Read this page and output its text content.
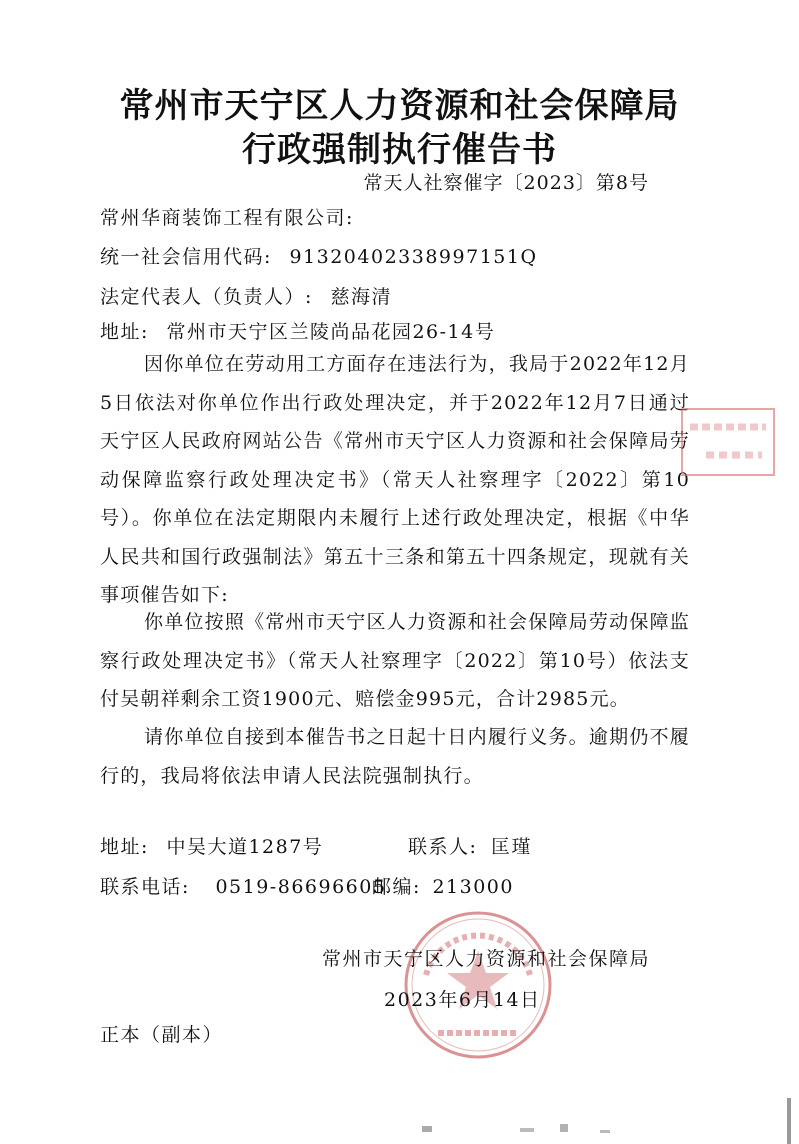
常州市天宁区人力资源和社会保障局
行政强制执行催告书
常天人社察催字〔2023〕第8号
常州华商装饰工程有限公司:
统一社会信用代码: 91320402338997151Q
法定代表人（负责人）: 慈海清
地址: 常州市天宁区兰陵尚品花园26-14号

因你单位在劳动用工方面存在违法行为，我局于2022年12月5日依法对你单位作出行政处理决定，并于2022年12月7日通过天宁区人民政府网站公告《常州市天宁区人力资源和社会保障局劳动保障监察行政处理决定书》（常天人社察理字〔2022〕第10号）。你单位在法定期限内未履行上述行政处理决定，根据《中华人民共和国行政强制法》第五十三条和第五十四条规定，现就有关事项催告如下:

你单位按照《常州市天宁区人力资源和社会保障局劳动保障监察行政处理决定书》（常天人社察理字〔2022〕第10号）依法支付吴朝祥剩余工资1900元、赔偿金995元，合计2985元。

请你单位自接到本催告书之日起十日内履行义务。逾期仍不履行的，我局将依法申请人民法院强制执行。

地址: 中吴大道1287号	联系人: 匡瑾
联系电话: 0519-86696605
邮编: 213000
常州市天宁区人力资源和社会保障局
2023年6月14日
正本（副本）
